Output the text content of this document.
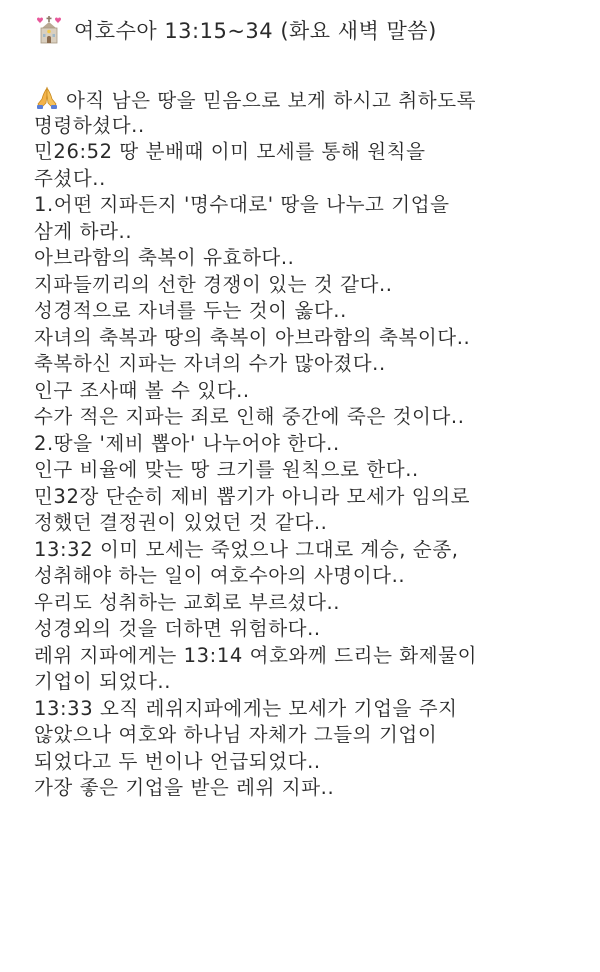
여호수아 13:15~34 (화요 새벽 말씀)
아직 남은 땅을 믿음으로 보게 하시고 취하도록
명령하셨다..
민26:52 땅 분배때 이미 모세를 통해 원칙을
주셨다..
1.어떤 지파든지 '명수대로' 땅을 나누고 기업을
삼게 하라..
아브라함의 축복이 유효하다..
지파들끼리의 선한 경쟁이 있는 것 같다..
성경적으로 자녀를 두는 것이 옳다..
자녀의 축복과 땅의 축복이 아브라함의 축복이다..
축복하신 지파는 자녀의 수가 많아졌다..
인구 조사때 볼 수 있다..
수가 적은 지파는 죄로 인해 중간에 죽은 것이다..
2.땅을 '제비 뽑아' 나누어야 한다..
인구 비율에 맞는 땅 크기를 원칙으로 한다..
민32장 단순히 제비 뽑기가 아니라 모세가 임의로
정했던 결정권이 있었던 것 같다..
13:32 이미 모세는 죽었으나 그대로 계승, 순종,
성취해야 하는 일이 여호수아의 사명이다..
우리도 성취하는 교회로 부르셨다..
성경외의 것을 더하면 위험하다..
레위 지파에게는 13:14 여호와께 드리는 화제물이
기업이 되었다..
13:33 오직 레위지파에게는 모세가 기업을 주지
않았으나 여호와 하나님 자체가 그들의 기업이
되었다고 두 번이나 언급되었다..
가장 좋은 기업을 받은 레위 지파..
